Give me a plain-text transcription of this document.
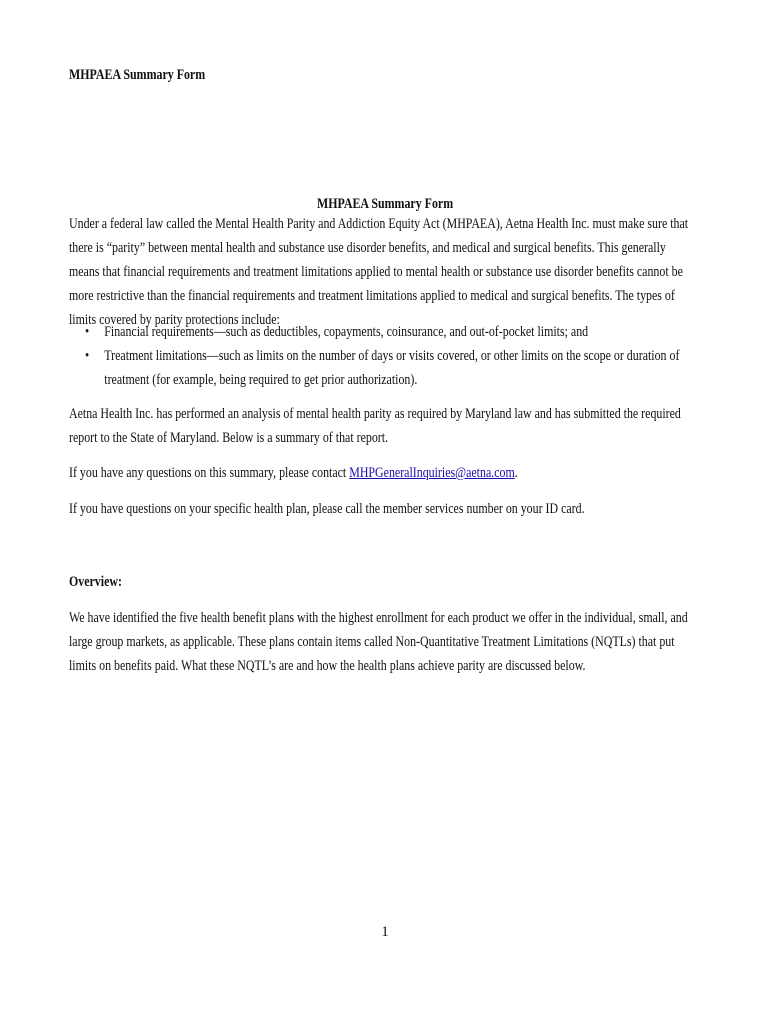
MHPAEA Summary Form
MHPAEA Summary Form

Under a federal law called the Mental Health Parity and Addiction Equity Act (MHPAEA), Aetna Health Inc. must make sure that there is “parity” between mental health and substance use disorder benefits, and medical and surgical benefits. This generally means that financial requirements and treatment limitations applied to mental health or substance use disorder benefits cannot be more restrictive than the financial requirements and treatment limitations applied to medical and surgical benefits. The types of limits covered by parity protections include:

• Financial requirements—such as deductibles, copayments, coinsurance, and out-of-pocket limits; and
• Treatment limitations—such as limits on the number of days or visits covered, or other limits on the scope or duration of treatment (for example, being required to get prior authorization).

Aetna Health Inc. has performed an analysis of mental health parity as required by Maryland law and has submitted the required report to the State of Maryland. Below is a summary of that report.

If you have any questions on this summary, please contact MHPGeneralInquiries@aetna.com.

If you have questions on your specific health plan, please call the member services number on your ID card.

Overview:

We have identified the five health benefit plans with the highest enrollment for each product we offer in the individual, small, and large group markets, as applicable. These plans contain items called Non-Quantitative Treatment Limitations (NQTLs) that put limits on benefits paid. What these NQTL’s are and how the health plans achieve parity are discussed below.

1
